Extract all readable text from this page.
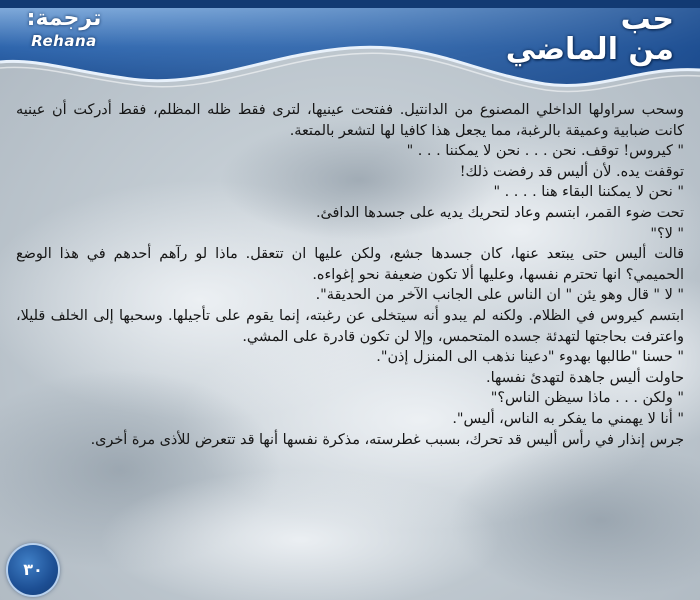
ترجمة:
Rehana
حب
من الماضي

وسحب سراولها الداخلي المصنوع من الدانتيل. ففتحت عينيها، لترى فقط ظله المظلم، فقط أدركت أن عينيه كانت ضبابية وعميقة بالرغبة، مما يجعل هذا كافيا لها لتشعر بالمتعة.

" كيروس! توقف. نحن . . . نحن لا يمكننا . . . "

توقفت يده. لأن أليس قد رفضت ذلك!

" نحن لا يمكننا البقاء هنا . . . . "

تحت ضوء القمر، ابتسم وعاد لتحريك يديه على جسدها الدافئ.

" لا؟"

قالت أليس حتى يبتعد عنها، كان جسدها جشع، ولكن عليها ان تتعقل. ماذا لو رآهم أحدهم في هذا الوضع الحميمي؟ انها تحترم نفسها، وعليها ألا تكون ضعيفة نحو إغواءه.

" لا " قال وهو يئن " ان الناس على الجانب الآخر من الحديقة".

ابتسم كيروس في الظلام. ولكنه لم يبدو أنه سيتخلى عن رغبته، إنما يقوم على تأجيلها. وسحبها إلى الخلف قليلا، واعترفت بحاجتها لتهدئة جسده المتحمس، وإلا لن تكون قادرة على المشي.

" حسنا "طالبها بهدوء "دعينا نذهب الى المنزل إذن".

حاولت أليس جاهدة لتهدئ نفسها.

" ولكن . . . ماذا سيظن الناس؟"

" أنا لا يهمني ما يفكر به الناس، أليس".

جرس إنذار في رأس أليس قد تحرك، بسبب غطرسته، مذكرة نفسها أنها قد تتعرض للأذى مرة أخرى.

٣٠
